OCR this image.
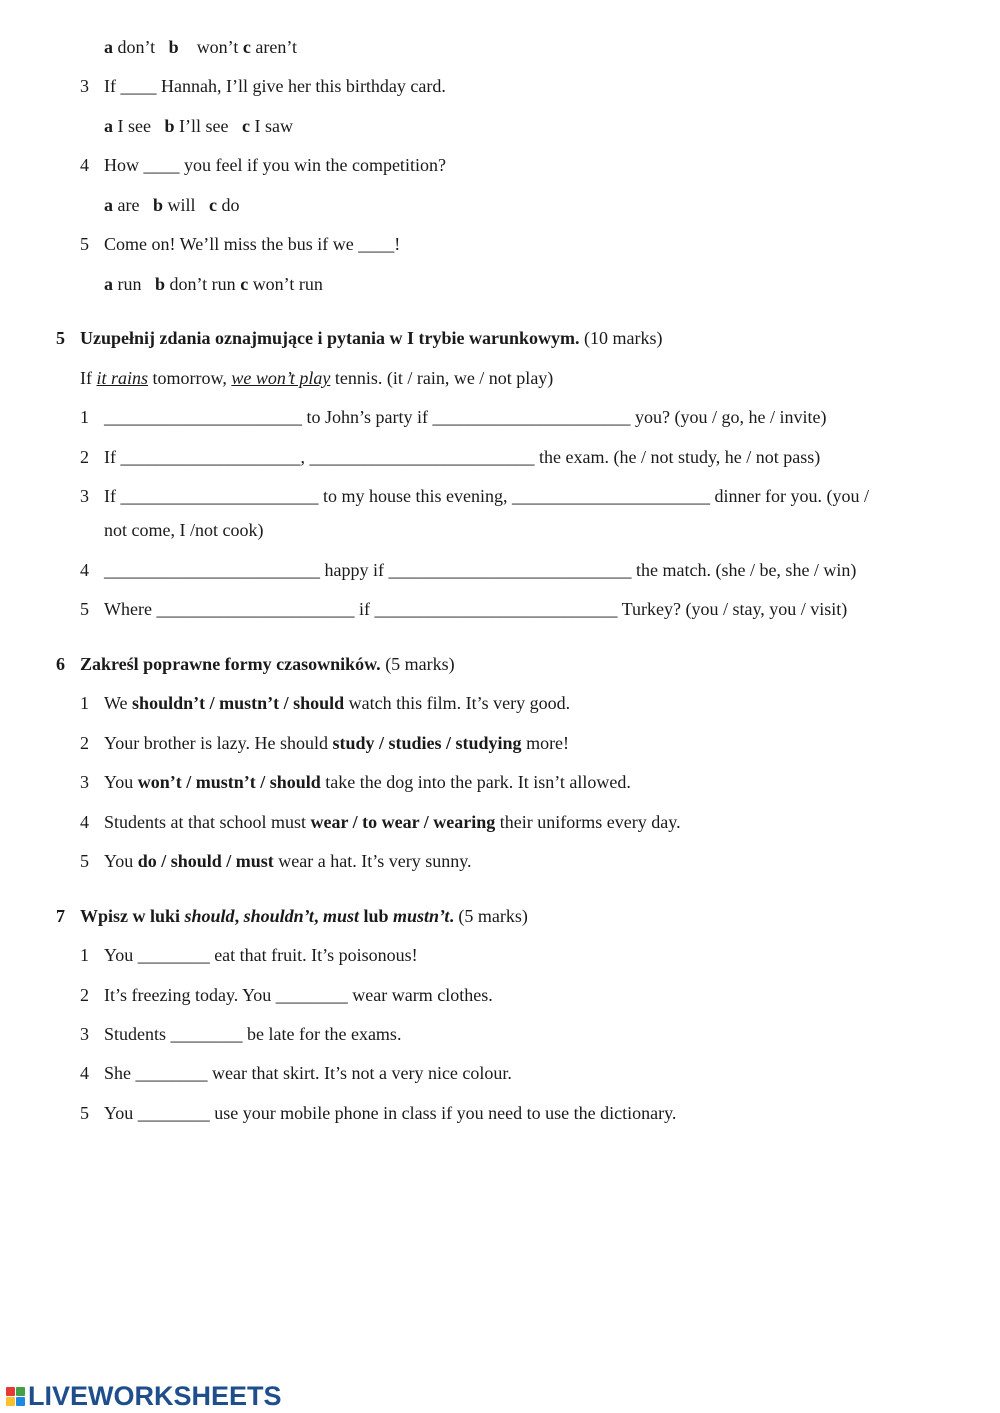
a don’t b won’t c aren’t
3 If ____ Hannah, I’ll give her this birthday card.
a I see b I’ll see c I saw
4 How ____ you feel if you win the competition?
a are b will c do
5 Come on! We’ll miss the bus if we ____!
a run b don’t run c won’t run
5 Uzupełnij zdania oznajmujące i pytania w I trybie warunkowym. (10 marks)
If it rains tomorrow, we won’t play tennis. (it / rain, we / not play)
1 ______________________ to John’s party if ______________________ you? (you / go, he / invite)
2 If ____________________, _________________________ the exam. (he / not study, he / not pass)
3 If ______________________ to my house this evening, ______________________ dinner for you. (you /
not come, I /not cook)
4 ________________________ happy if ___________________________ the match. (she / be, she / win)
5 Where ______________________ if ___________________________ Turkey? (you / stay, you / visit)
6 Zakreśl poprawne formy czasowników. (5 marks)
1 We shouldn’t / mustn’t / should watch this film. It’s very good.
2 Your brother is lazy. He should study / studies / studying more!
3 You won’t / mustn’t / should take the dog into the park. It isn’t allowed.
4 Students at that school must wear / to wear / wearing their uniforms every day.
5 You do / should / must wear a hat. It’s very sunny.
7 Wpisz w luki should, shouldn’t, must lub mustn’t. (5 marks)
1 You ________ eat that fruit. It’s poisonous!
2 It’s freezing today. You ________ wear warm clothes.
3 Students ________ be late for the exams.
4 She ________ wear that skirt. It’s not a very nice colour.
5 You ________ use your mobile phone in class if you need to use the dictionary.
LIVEWORKSHEETS
